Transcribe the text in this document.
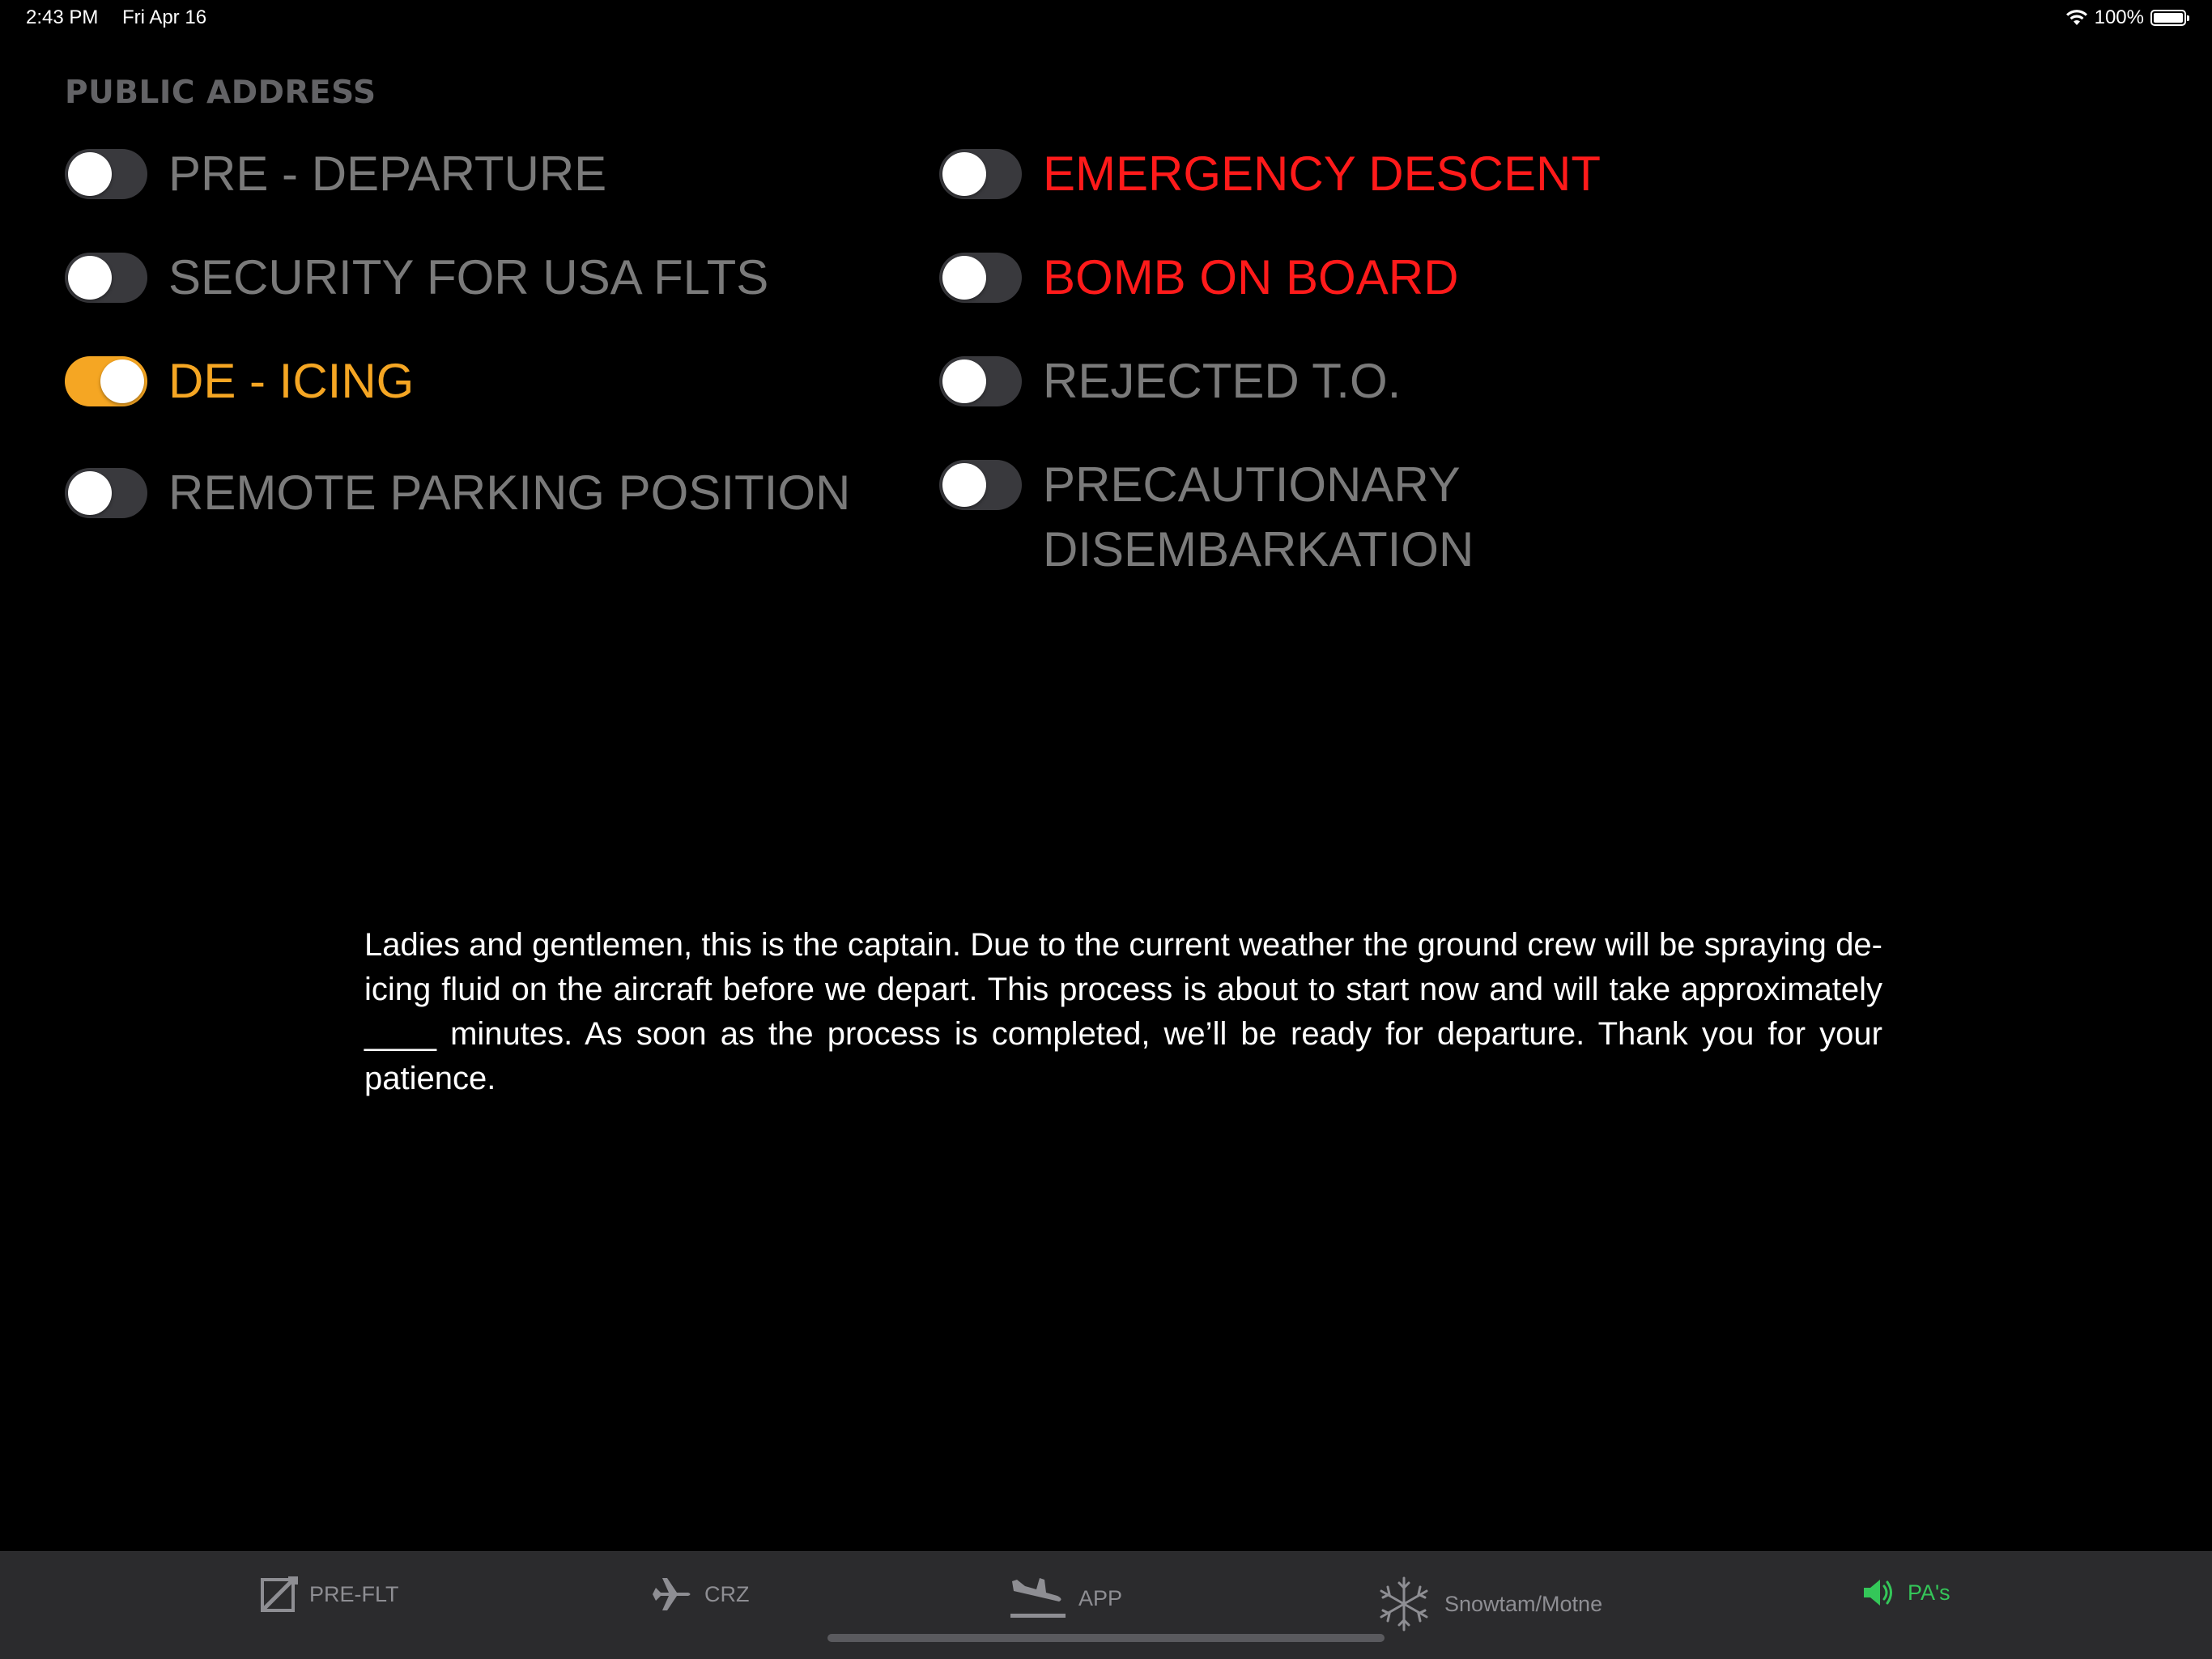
2:43 PM Fri Apr 16	100%
PUBLIC ADDRESS
PRE - DEPARTURE
SECURITY FOR USA FLTS
DE - ICING
REMOTE PARKING POSITION
EMERGENCY DESCENT
BOMB ON BOARD
REJECTED T.O.
PRECAUTIONARY
DISEMBARKATION
Ladies and gentlemen, this is the captain. Due to the current weather the ground crew will be spraying de-icing fluid on the aircraft before we depart. This process is about to start now and will take approximately ____ minutes. As soon as the process is completed, we’ll be ready for departure. Thank you for your patience.
PRE-FLT	CRZ	APP	Snowtam/Motne	PA's
